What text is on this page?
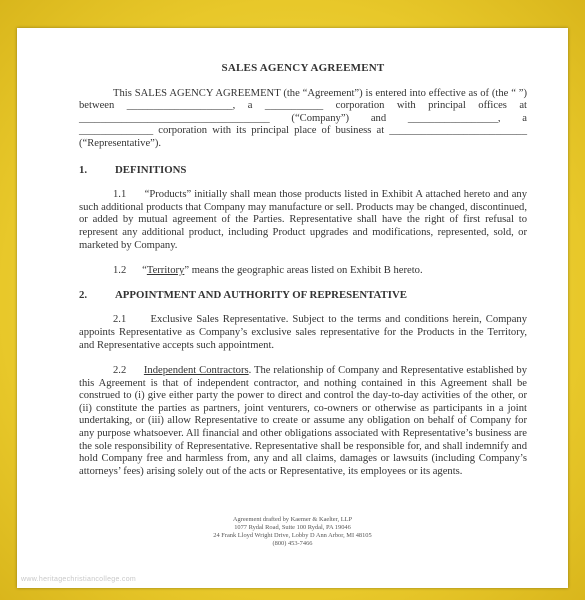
SALES AGENCY AGREEMENT

This SALES AGENCY AGREEMENT (the “Agreement”) is entered into effective as of (the “ ”) between ____________________, a ___________ corporation with principal offices at ____________________________________ (“Company”) and _________________, a ______________ corporation with its principal place of business at __________________________ (“Representative”).

1.	DEFINITIONS

1.1 “Products” initially shall mean those products listed in Exhibit A attached hereto and any such additional products that Company may manufacture or sell. Products may be changed, discontinued, or added by mutual agreement of the Parties. Representative shall have the right of first refusal to represent any additional product, including Product upgrades and modifications, represented, sold, or marketed by Company.

1.2 “Territory” means the geographic areas listed on Exhibit B hereto.

2.	APPOINTMENT AND AUTHORITY OF REPRESENTATIVE

2.1 Exclusive Sales Representative. Subject to the terms and conditions herein, Company appoints Representative as Company’s exclusive sales representative for the Products in the Territory, and Representative accepts such appointment.

2.2 Independent Contractors. The relationship of Company and Representative established by this Agreement is that of independent contractor, and nothing contained in this Agreement shall be construed to (i) give either party the power to direct and control the day-to-day activities of the other, or (ii) constitute the parties as partners, joint venturers, co-owners or otherwise as participants in a joint undertaking, or (iii) allow Representative to create or assume any obligation on behalf of Company for any purpose whatsoever. All financial and other obligations associated with Representative’s business are the sole responsibility of Representative. Representative shall be responsible for, and shall indemnify and hold Company free and harmless from, any and all claims, damages or lawsuits (including Company’s attorneys’ fees) arising solely out of the acts or Representative, its employees or its agents.

Agreement drafted by Kaemer & Kaelter, LLP
1077 Rydal Road, Suite 100 Rydal, PA 19046
24 Frank Lloyd Wright Drive, Lobby D Ann Arbor, MI 48105
(800) 453-7466
www.heritagechristiancollege.com
